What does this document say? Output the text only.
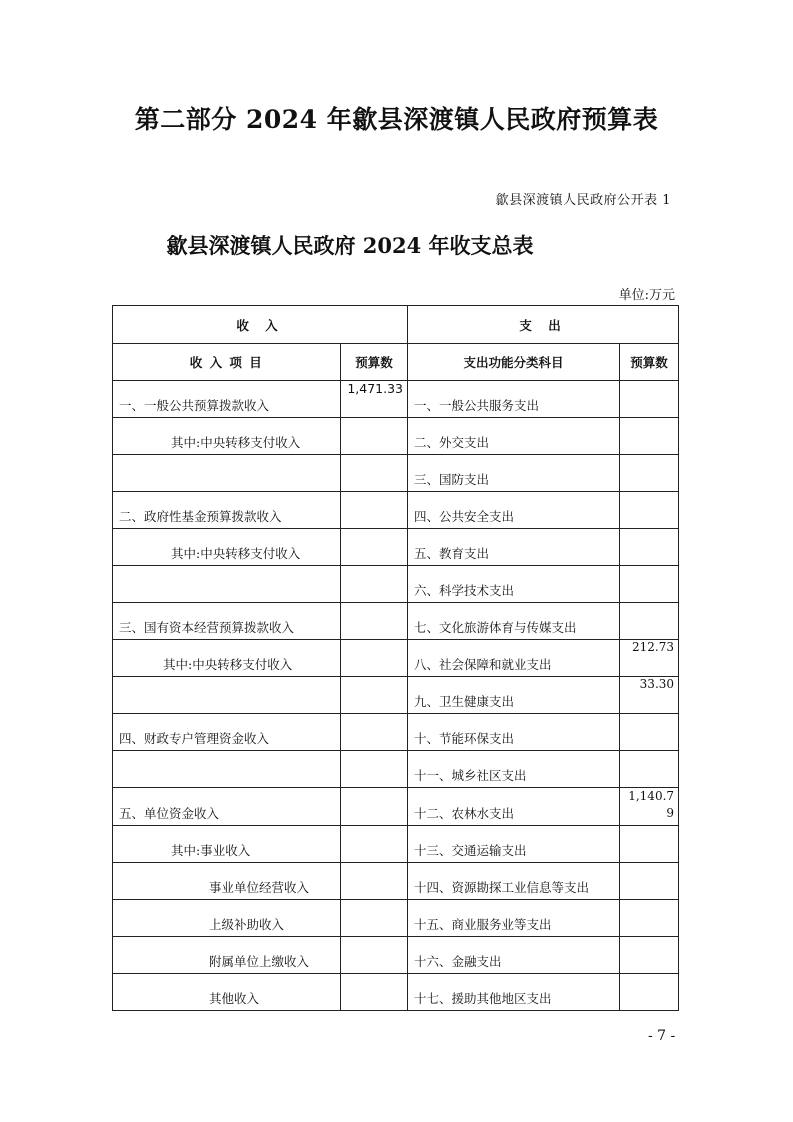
第二部分 2024 年歙县深渡镇人民政府预算表
歙县深渡镇人民政府公开表 1
歙县深渡镇人民政府 2024 年收支总表
单位:万元
收 入		支 出	
收 入 项 目	预算数	支出功能分类科目	预算数
一、一般公共预算拨款收入	1,471.33	一、一般公共服务支出	
其中:中央转移支付收入		二、外交支出	
		三、国防支出	
二、政府性基金预算拨款收入		四、公共安全支出	
其中:中央转移支付收入		五、教育支出	
		六、科学技术支出	
三、国有资本经营预算拨款收入		七、文化旅游体育与传媒支出	
其中:中央转移支付收入		八、社会保障和就业支出	212.73
		九、卫生健康支出	33.30
四、财政专户管理资金收入		十、节能环保支出	
		十一、城乡社区支出	
五、单位资金收入		十二、农林水支出	1,140.79
其中:事业收入		十三、交通运输支出	
事业单位经营收入		十四、资源勘探工业信息等支出	
上级补助收入		十五、商业服务业等支出	
附属单位上缴收入		十六、金融支出	
其他收入		十七、援助其他地区支出	
- 7 -
